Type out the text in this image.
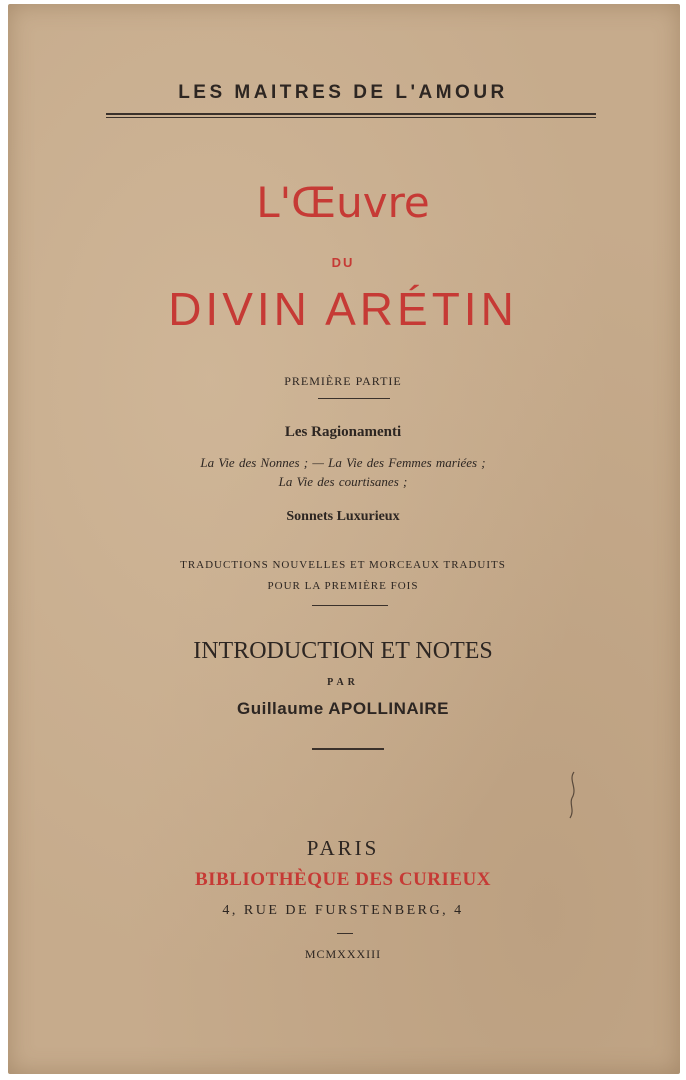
LES MAITRES DE L'AMOUR

L'Œuvre

DU

DIVIN ARÉTIN

PREMIÈRE PARTIE

Les Ragionamenti

La Vie des Nonnes ; — La Vie des Femmes mariées ;

La Vie des courtisanes ;

Sonnets Luxurieux

TRADUCTIONS NOUVELLES ET MORCEAUX TRADUITS

POUR LA PREMIÈRE FOIS

INTRODUCTION ET NOTES

PAR

Guillaume APOLLINAIRE

PARIS

BIBLIOTHÈQUE DES CURIEUX

4, RUE DE FURSTENBERG, 4

MCMXXXIII
